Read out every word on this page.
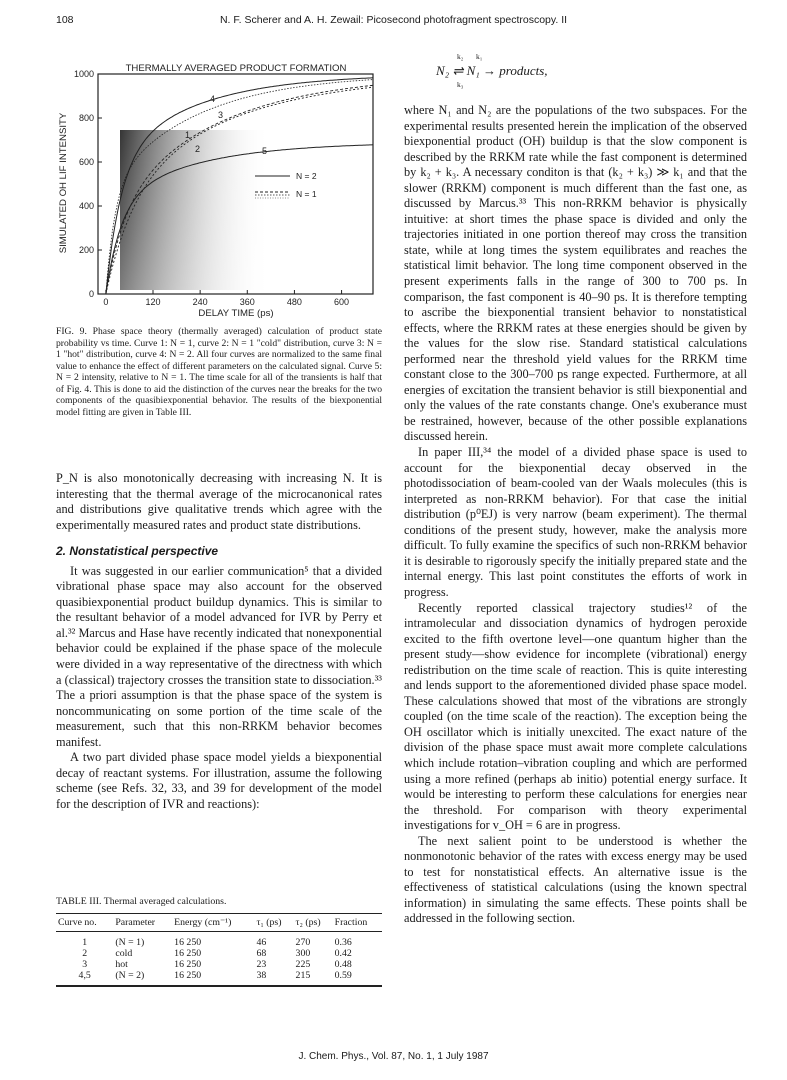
108	N. F. Scherer and A. H. Zewail: Picosecond photofragment spectroscopy. II
THERMALLY AVERAGED PRODUCT FORMATION
SIMULATED OH LIF INTENSITY
DELAY TIME (ps)
0	120	240	360	480	600
0
200
400
600
800
1000
1
2
3
4
5
N = 2
N = 1
FIG. 9. Phase space theory (thermally averaged) calculation of product state probability vs time. Curve 1: N = 1, curve 2: N = 1 "cold" distribution, curve 3: N = 1 "hot" distribution, curve 4: N = 2. All four curves are normalized to the same final value to enhance the effect of different parameters on the calculated signal. Curve 5: N = 2 intensity, relative to N = 1. The time scale for all of the transients is half that of Fig. 4. This is done to aid the distinction of the curves near the breaks for the two components of the quasibiexponential behavior. The results of the biexponential model fitting are given in Table III.

P_N is also monotonically decreasing with increasing N. It is interesting that the thermal average of the microcanonical rates and distributions give qualitative trends which agree with the experimentally measured rates and product state distributions.

2. Nonstatistical perspective

It was suggested in our earlier communication⁵ that a divided vibrational phase space may also account for the observed quasibiexponential product buildup dynamics. This is similar to the resultant behavior of a model advanced for IVR by Perry et al.³² Marcus and Hase have recently indicated that nonexponential behavior could be explained if the phase space of the molecule were divided in a way representative of the directness with which a (classical) trajectory crosses the transition state to dissociation.³³ The a priori assumption is that the phase space of the system is noncommunicating on some portion of the time scale of the measurement, such that this non-RRKM behavior becomes manifest.

A two part divided phase space model yields a biexponential decay of reactant systems. For illustration, assume the following scheme (see Refs. 32, 33, and 39 for development of the model for the description of IVR and reactions):

k₂ k₁
N₂ ⇌ N₁ → products,
k₃

where N₁ and N₂ are the populations of the two subspaces. For the experimental results presented herein the implication of the observed biexponential product (OH) buildup is that the slow component is described by the RRKM rate while the fast component is determined by k₂ + k₃. A necessary conditon is that (k₂ + k₃) ≫ k₁ and that the slower (RRKM) component is much different than the fast one, as discussed by Marcus.³³ This non-RRKM behavior is physically intuitive: at short times the phase space is divided and only the trajectories initiated in one portion thereof may cross the transition state, while at long times the system equilibrates and reaches the statistical limit behavior. The long time component observed in the present experiments falls in the range of 300 to 700 ps. In comparison, the fast component is 40–90 ps. It is therefore tempting to ascribe the biexponential transient behavior to nonstatistical effects, where the RRKM rates at these energies should be given by the values for the slow rise. Standard statistical calculations performed near the threshold yield values for the RRKM time constant close to the 300–700 ps range expected. Furthermore, at all energies of excitation the transient behavior is still biexponential and only the values of the rate constants change. One's exuberance must be restrained, however, because of the other possible explanations discussed herein.

In paper III,³⁴ the model of a divided phase space is used to account for the biexponential decay observed in the photodissociation of beam-cooled van der Waals molecules (this is interpreted as non-RRKM behavior). For that case the initial distribution (p⁰EJ) is very narrow (beam experiment). The thermal conditions of the present study, however, make the analysis more difficult. To fully examine the specifics of such non-RRKM behavior it is desirable to rigorously specify the initially prepared state and the internal energy. This last point constitutes the efforts of work in progress.

Recently reported classical trajectory studies¹² of the intramolecular and dissociation dynamics of hydrogen peroxide excited to the fifth overtone level—one quantum higher than the present study—show evidence for incomplete (vibrational) energy redistribution on the time scale of reaction. This is quite interesting and lends support to the aforementioned divided phase space model. These calculations showed that most of the vibrations are strongly coupled (on the time scale of the reaction). The exception being the OH oscillator which is initially unexcited. The exact nature of the division of the phase space must await more complete calculations which include rotation–vibration coupling and which are performed using a more refined (perhaps ab initio) potential energy surface. It would be interesting to perform these calculations for energies near the threshold. For comparison with theory experimental investigations for v_OH = 6 are in progress.

The next salient point to be understood is whether the nonmonotonic behavior of the rates with excess energy may be used to test for nonstatistical effects. An alternative issue is the effectiveness of statistical calculations (using the known spectral information) in simulating the same effects. These points shall be addressed in the following section.

TABLE III. Thermal averaged calculations.
Curve no.	Parameter	Energy (cm⁻¹)	τ₁ (ps)	τ₂ (ps)	Fraction
1	(N = 1)	16 250	46	270	0.36
2	cold	16 250	68	300	0.42
3	hot	16 250	23	225	0.48
4,5	(N = 2)	16 250	38	215	0.59
J. Chem. Phys., Vol. 87, No. 1, 1 July 1987
